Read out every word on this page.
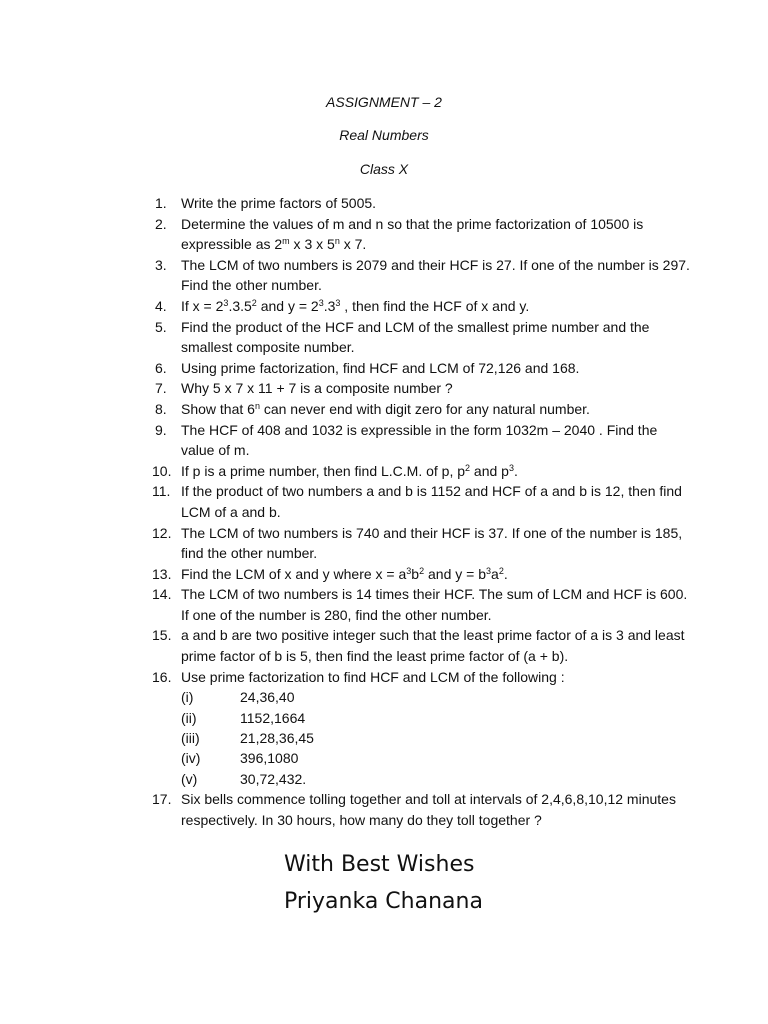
ASSIGNMENT – 2
Real Numbers
Class X
1. Write the prime factors of 5005.
2. Determine the values of m and n so that the prime factorization of 10500 is expressible as 2$^m$ x 3 x 5$^n$ x 7.
3. The LCM of two numbers is 2079 and their HCF is 27. If one of the number is 297. Find the other number.
4. If $x = 2^3.3.5^2$ and $y = 2^3.3^3$ , then find the HCF of x and y.
5. Find the product of the HCF and LCM of the smallest prime number and the smallest composite number.
6. Using prime factorization, find HCF and LCM of 72,126 and 168.
7. Why 5 x 7 x 11 + 7 is a composite number ?
8. Show that 6$^n$ can never end with digit zero for any natural number.
9. The HCF of 408 and 1032 is expressible in the form 1032m – 2040 . Find the value of m.
10. If p is a prime number, then find L.C.M. of p, $p^2$ and $p^3$.
11. If the product of two numbers a and b is 1152 and HCF of a and b is 12, then find LCM of a and b.
12. The LCM of two numbers is 740 and their HCF is 37. If one of the number is 185, find the other number.
13. Find the LCM of x and y where $x = a^3b^2$ and $y = b^3a^2$.
14. The LCM of two numbers is 14 times their HCF. The sum of LCM and HCF is 600. If one of the number is 280, find the other number.
15. a and b are two positive integer such that the least prime factor of a is 3 and least prime factor of b is 5, then find the least prime factor of (a + b).
16. Use prime factorization to find HCF and LCM of the following :
(i)	24,36,40
(ii)	1152,1664
(iii)	21,28,36,45
(iv)	396,1080
(v)	30,72,432.
17. Six bells commence tolling together and toll at intervals of 2,4,6,8,10,12 minutes respectively. In 30 hours, how many do they toll together ?
With Best Wishes
Priyanka Chanana
